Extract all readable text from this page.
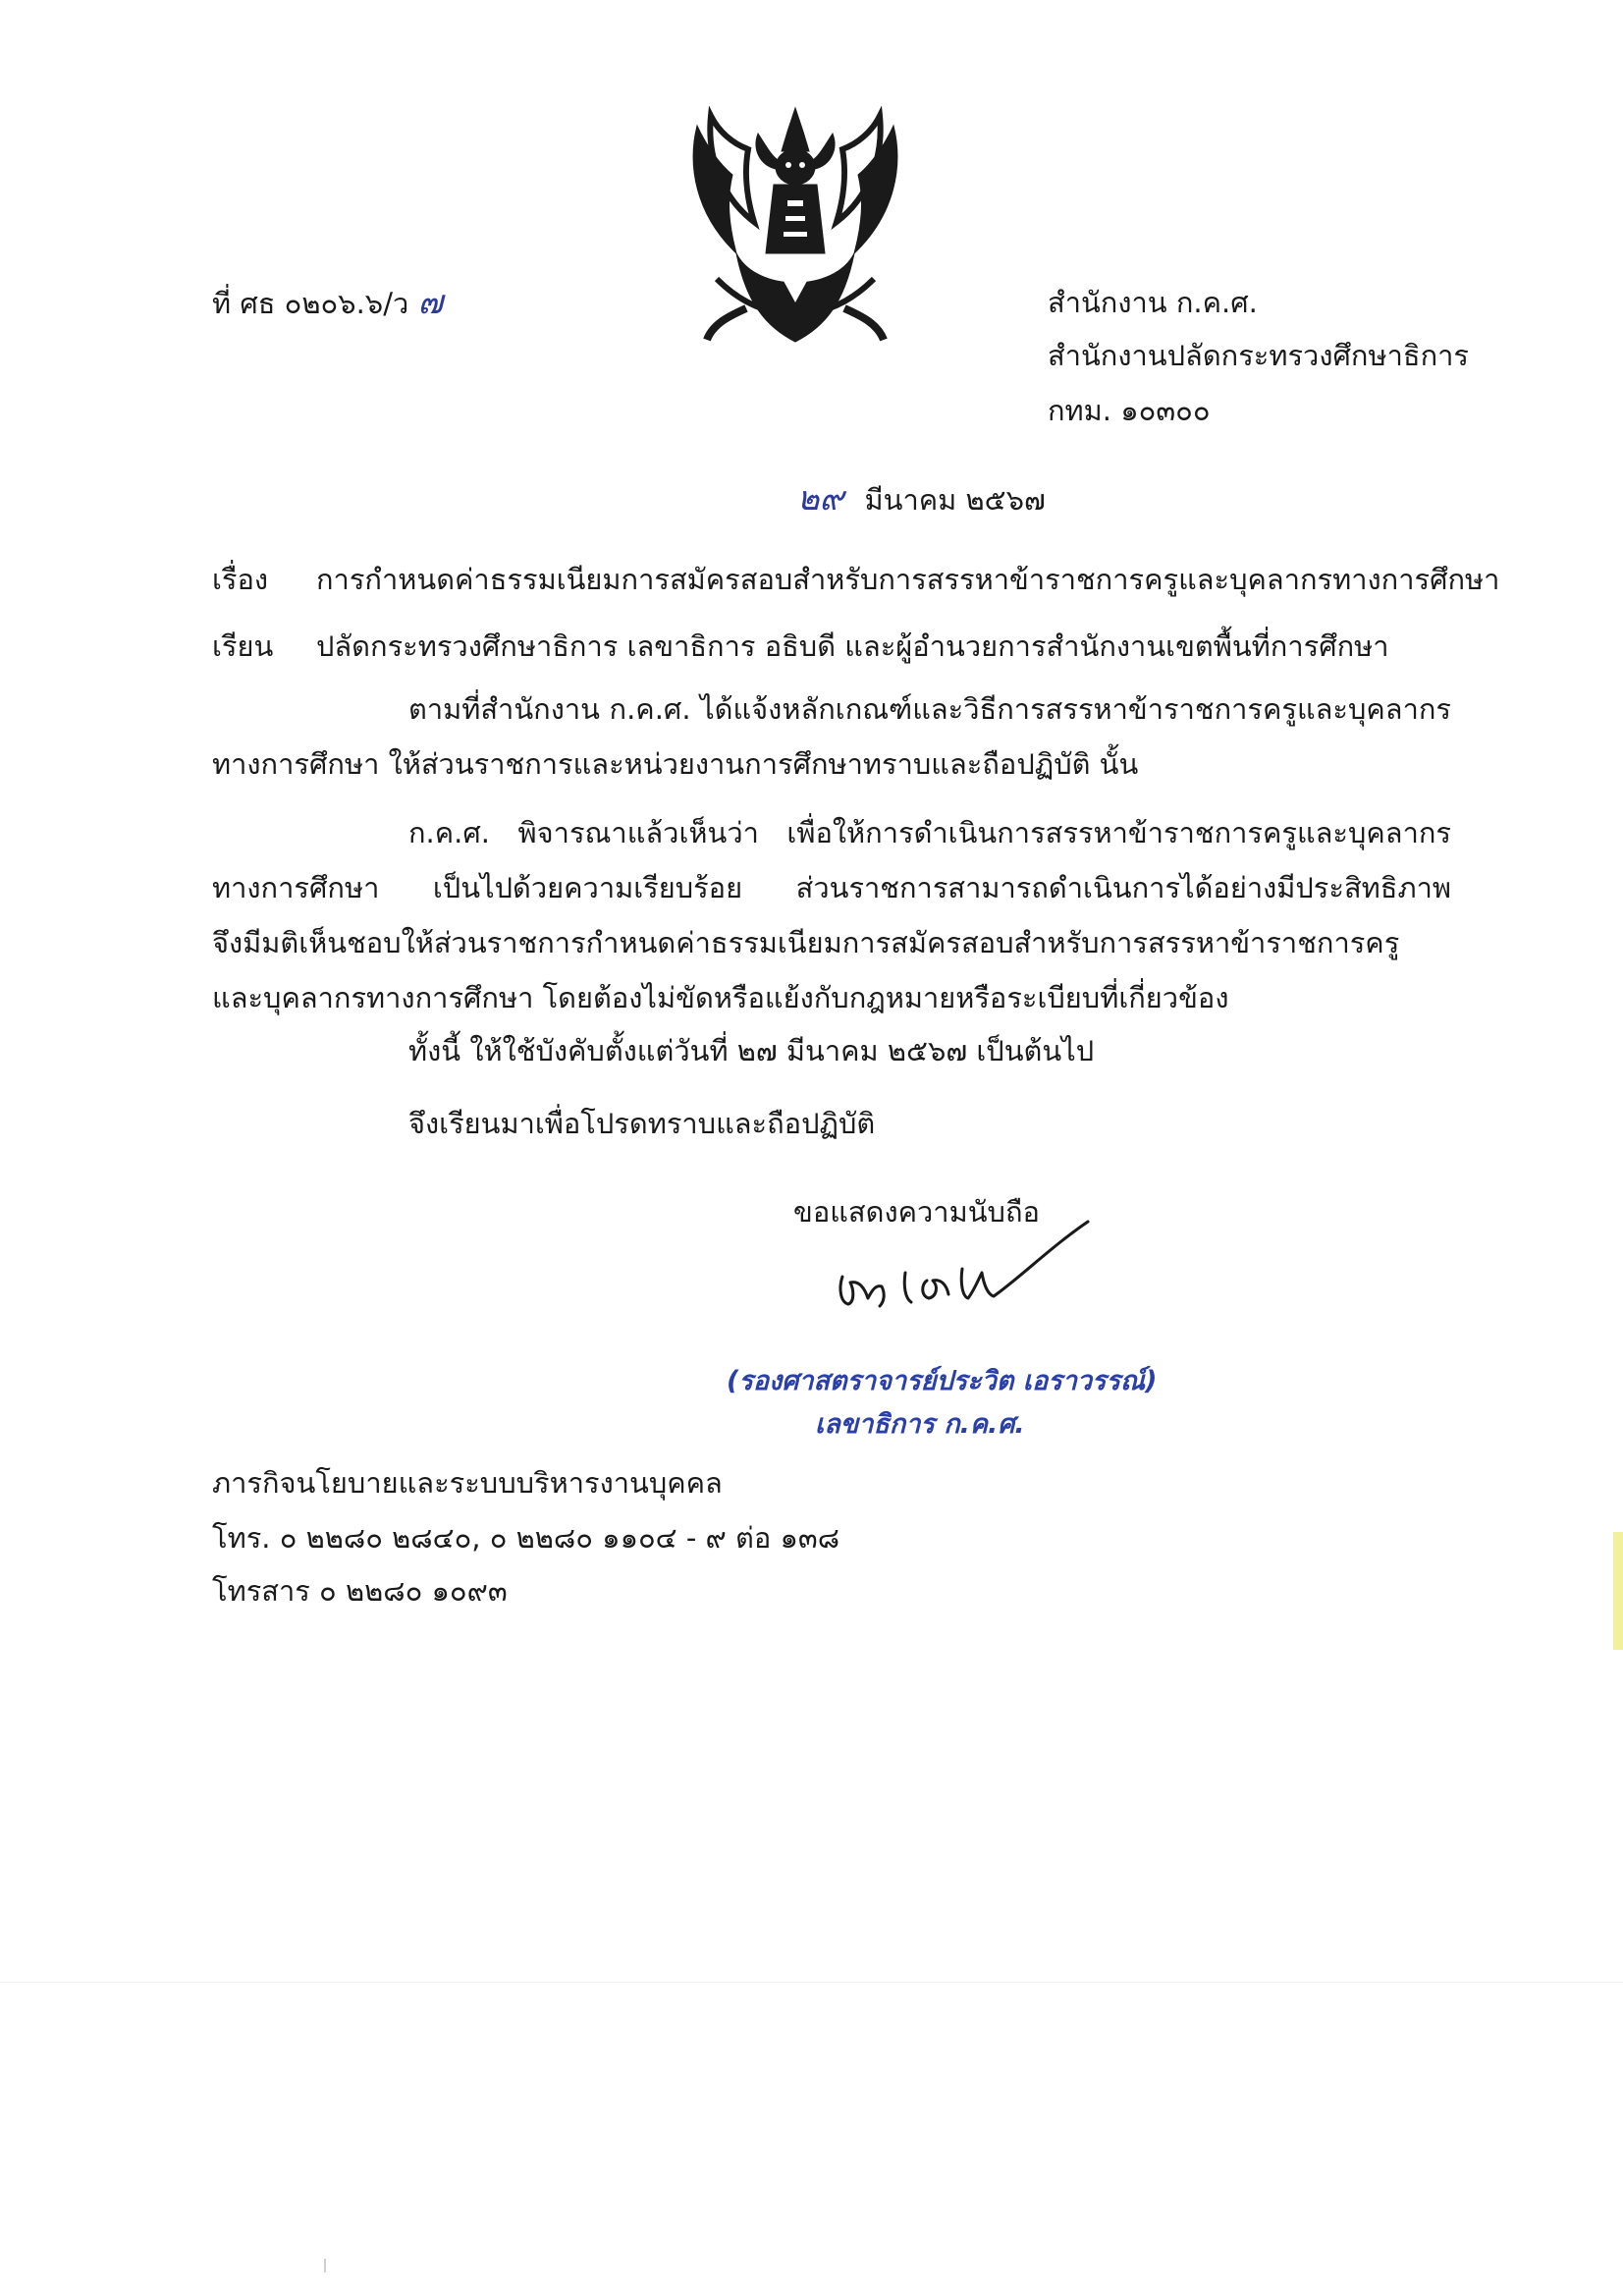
ที่ ศธ ๐๒๐๖.๖/ว ๗	สำนักงาน ก.ค.ศ.
สำนักงานปลัดกระทรวงศึกษาธิการ
กทม. ๑๐๓๐๐
๒๙ มีนาคม ๒๕๖๗
เรื่อง การกำหนดค่าธรรมเนียมการสมัครสอบสำหรับการสรรหาข้าราชการครูและบุคลากรทางการศึกษา
เรียน ปลัดกระทรวงศึกษาธิการ เลขาธิการ อธิบดี และผู้อำนวยการสำนักงานเขตพื้นที่การศึกษา
ตามที่สำนักงาน ก.ค.ศ. ได้แจ้งหลักเกณฑ์และวิธีการสรรหาข้าราชการครูและบุคลากร
ทางการศึกษา ให้ส่วนราชการและหน่วยงานการศึกษาทราบและถือปฏิบัติ นั้น
ก.ค.ศ. พิจารณาแล้วเห็นว่า เพื่อให้การดำเนินการสรรหาข้าราชการครูและบุคลากร
ทางการศึกษา เป็นไปด้วยความเรียบร้อย ส่วนราชการสามารถดำเนินการได้อย่างมีประสิทธิภาพ
จึงมีมติเห็นชอบให้ส่วนราชการกำหนดค่าธรรมเนียมการสมัครสอบสำหรับการสรรหาข้าราชการครู
และบุคลากรทางการศึกษา โดยต้องไม่ขัดหรือแย้งกับกฎหมายหรือระเบียบที่เกี่ยวข้อง
ทั้งนี้ ให้ใช้บังคับตั้งแต่วันที่ ๒๗ มีนาคม ๒๕๖๗ เป็นต้นไป
จึงเรียนมาเพื่อโปรดทราบและถือปฏิบัติ
ขอแสดงความนับถือ
(รองศาสตราจารย์ประวิต เอราวรรณ์)
เลขาธิการ ก.ค.ศ.
ภารกิจนโยบายและระบบบริหารงานบุคคล
โทร. ๐ ๒๒๘๐ ๒๘๔๐, ๐ ๒๒๘๐ ๑๑๐๔ - ๙ ต่อ ๑๓๘
โทรสาร ๐ ๒๒๘๐ ๑๐๙๓
